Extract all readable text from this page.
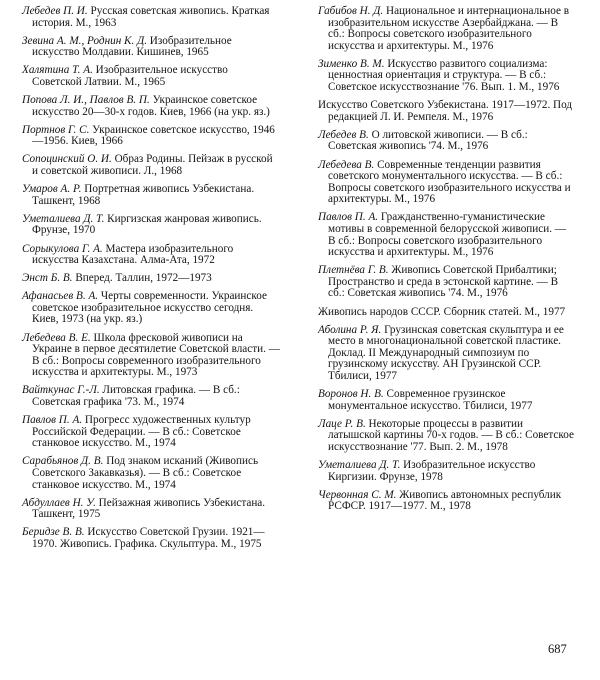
Лебедев П. И. Русская советская живопись. Краткая история. М., 1963

Зевина А. М., Роднин К. Д. Изобразительное искусство Молдавии. Кишинев, 1965

Халятина Т. А. Изобразительное искусство Советской Латвии. М., 1965

Попова Л. И., Павлов В. П. Украинское советское искусство 20—30-х годов. Киев, 1966 (на укр. яз.)

Портнов Г. С. Украинское советское искусство, 1946—1956. Киев, 1966

Сопоцинский О. И. Образ Родины. Пейзаж в русской и советской живописи. Л., 1968

Умаров А. Р. Портретная живопись Узбекистана. Ташкент, 1968

Уметалиева Д. Т. Киргизская жанровая живопись. Фрунзе, 1970

Сорыкулова Г. А. Мастера изобразительного искусства Казахстана. Алма-Ата, 1972

Энст Б. В. Вперед. Таллин, 1972—1973

Афанасьев В. А. Черты современности. Украинское советское изобразительное искусство сегодня. Киев, 1973 (на укр. яз.)

Лебедева В. Е. Школа фресковой живописи на Украине в первое десятилетие Советской власти. — В сб.: Вопросы современного изобразительного искусства и архитектуры. М., 1973

Вайткунас Г.-Л. Литовская графика. — В сб.: Советская графика '73. М., 1974

Павлов П. А. Прогресс художественных культур Российской Федерации. — В сб.: Советское станковое искусство. М., 1974

Сарабьянов Д. В. Под знаком исканий (Живопись Советского Закавказья). — В сб.: Советское станковое искусство. М., 1974

Абдуллаев Н. У. Пейзажная живопись Узбекистана. Ташкент, 1975

Беридзе В. В. Искусство Советской Грузии. 1921—1970. Живопись. Графика. Скульптура. М., 1975

Габибов Н. Д. Национальное и интернациональное в изобразительном искусстве Азербайджана. — В сб.: Вопросы советского изобразительного искусства и архитектуры. М., 1976

Зименко В. М. Искусство развитого социализма: ценностная ориентация и структура. — В сб.: Советское искусствознание '76. Вып. 1. М., 1976

Искусство Советского Узбекистана. 1917—1972. Под редакцией Л. И. Ремпеля. М., 1976

Лебедев В. О литовской живописи. — В сб.: Советская живопись '74. М., 1976

Лебедева В. Современные тенденции развития советского монументального искусства. — В сб.: Вопросы советского изобразительного искусства и архитектуры. М., 1976

Павлов П. А. Гражданственно-гуманистические мотивы в современной белорусской живописи. — В сб.: Вопросы советского изобразительного искусства и архитектуры. М., 1976

Плетнёва Г. В. Живопись Советской Прибалтики; Пространство и среда в эстонской картине. — В сб.: Советская живопись '74. М., 1976

Живопись народов СССР. Сборник статей. М., 1977

Аболина Р. Я. Грузинская советская скульптура и ее место в многонациональной советской пластике. Доклад. II Международный симпозиум по грузинскому искусству. АН Грузинской ССР. Тбилиси, 1977

Воронов Н. В. Современное грузинское монументальное искусство. Тбилиси, 1977

Лаце Р. В. Некоторые процессы в развитии латышской картины 70-х годов. — В сб.: Советское искусствознание '77. Вып. 2. М., 1978

Уметалиева Д. Т. Изобразительное искусство Киргизии. Фрунзе, 1978

Червонная С. М. Живопись автономных республик РСФСР. 1917—1977. М., 1978

687
